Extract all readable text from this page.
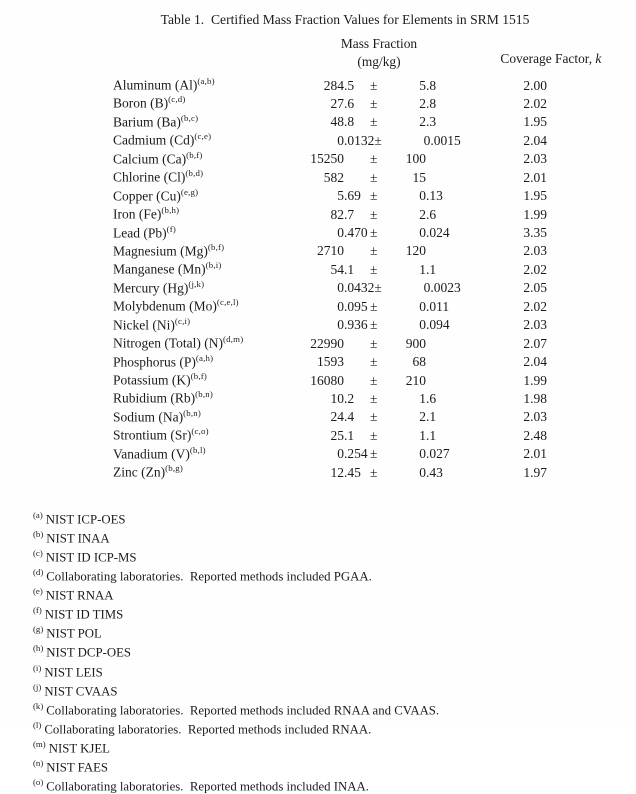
Table 1.  Certified Mass Fraction Values for Elements in SRM 1515
Mass Fraction
(mg/kg)	Coverage Factor, k

Aluminum (Al)$^{(a,b)}$	284 .5	±	5 .8	2.00
Boron (B)$^{(c,d)}$	27 .6	±	2 .8	2.02
Barium (Ba)$^{(b,c)}$	48 .8	±	2 .3	1.95
Cadmium (Cd)$^{(c,e)}$	0 .0132 ±	0 .0015	2.04
Calcium (Ca)$^{(b,f)}$	15250 ±	100	2.03
Chlorine (Cl)$^{(b,d)}$	582 ±	15	2.01
Copper (Cu)$^{(e,g)}$	5 .69 ±	0 .13	1.95
Iron (Fe)$^{(b,h)}$	82 .7	±	2 .6	1.99
Lead (Pb)$^{(f)}$	0 .470 ±	0 .024	3.35
Magnesium (Mg)$^{(b,f)}$	2710 ±	120	2.03
Manganese (Mn)$^{(b,i)}$	54 .1	±	1 .1	2.02
Mercury (Hg)$^{(j,k)}$	0 .0432 ±	0 .0023	2.05
Molybdenum (Mo)$^{(c,e,l)}$	0 .095 ±	0 .011	2.02
Nickel (Ni)$^{(c,i)}$	0 .936 ±	0 .094	2.03
Nitrogen (Total) (N)$^{(d,m)}$	22990 ±	900	2.07
Phosphorus (P)$^{(a,h)}$	1593 ±	68	2.04
Potassium (K)$^{(b,f)}$	16080 ±	210	1.99
Rubidium (Rb)$^{(b,n)}$	10 .2	±	1 .6	1.98
Sodium (Na)$^{(b,n)}$	24 .4	±	2 .1	2.03
Strontium (Sr)$^{(c,o)}$	25 .1	±	1 .1	2.48
Vanadium (V)$^{(b,l)}$	0 .254 ±	0 .027	2.01
Zinc (Zn)$^{(b,g)}$	12 .45 ±	0 .43	1.97
$^{(a)}$ NIST ICP-OES
$^{(b)}$ NIST INAA
$^{(c)}$ NIST ID ICP-MS
$^{(d)}$ Collaborating laboratories.  Reported methods included PGAA.
$^{(e)}$ NIST RNAA
$^{(f)}$ NIST ID TIMS
$^{(g)}$ NIST POL
$^{(h)}$ NIST DCP-OES
$^{(i)}$ NIST LEIS
$^{(j)}$ NIST CVAAS
$^{(k)}$ Collaborating laboratories.  Reported methods included RNAA and CVAAS.
$^{(l)}$ Collaborating laboratories.  Reported methods included RNAA.
$^{(m)}$ NIST KJEL
$^{(n)}$ NIST FAES
$^{(o)}$ Collaborating laboratories.  Reported methods included INAA.
